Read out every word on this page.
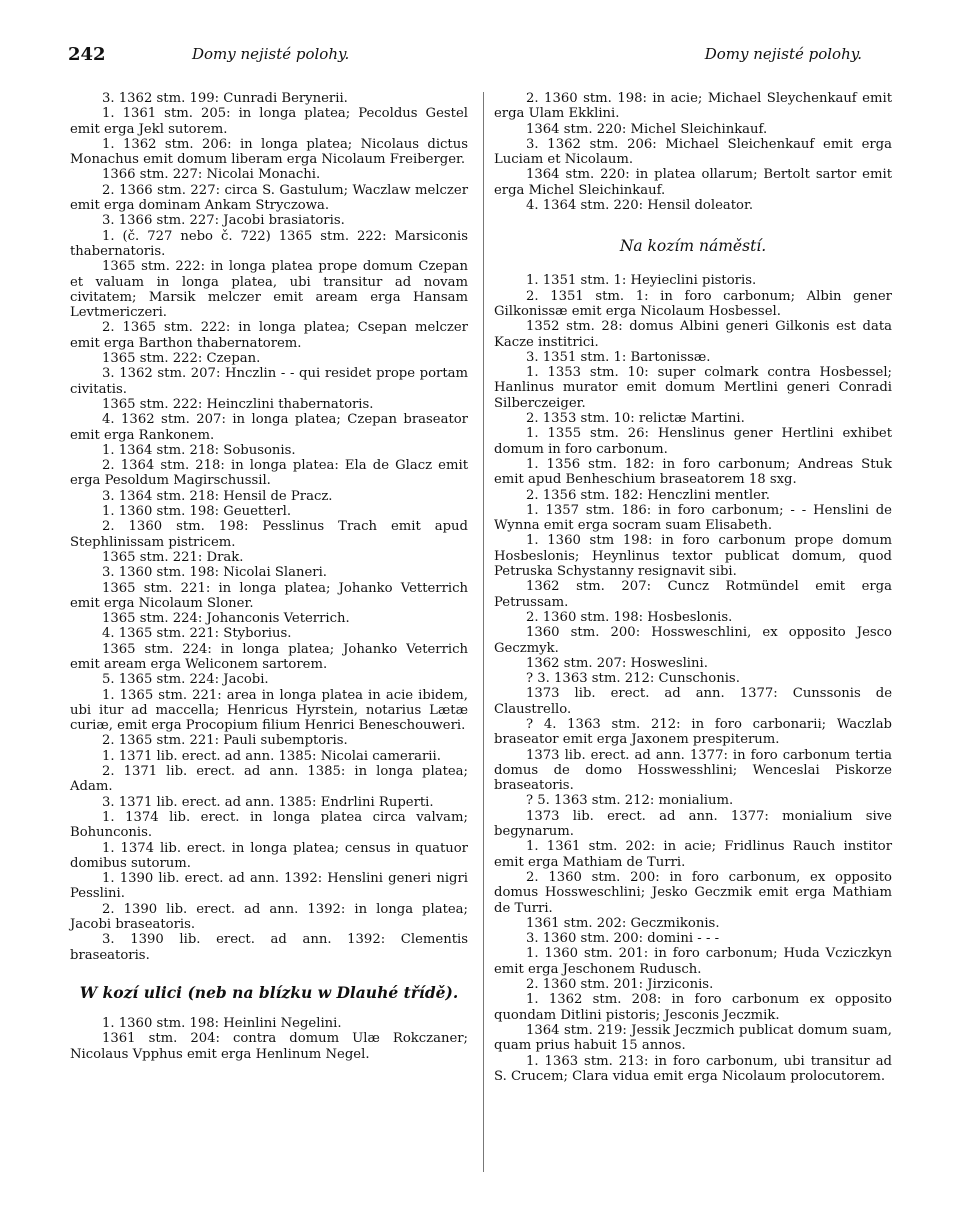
242	Domy nejisté polohy.	Domy nejisté polohy.

3. 1362 stm. 199: Cunradi Berynerii.

1. 1361 stm. 205: in longa platea; Pecoldus Gestel emit erga Jekl sutorem.

1. 1362 stm. 206: in longa platea; Nicolaus dictus Monachus emit domum liberam erga Nicolaum Freiberger.

1366 stm. 227: Nicolai Monachi.

2. 1366 stm. 227: circa S. Gastulum; Waczlaw melczer emit erga dominam Ankam Stryczowa.

3. 1366 stm. 227: Jacobi brasiatoris.

1. (č. 727 nebo č. 722) 1365 stm. 222: Marsiconis thabernatoris.

1365 stm. 222: in longa platea prope domum Czepan et valuam in longa platea, ubi transitur ad novam civitatem; Marsik melczer emit aream erga Hansam Levtmericzeri.

2. 1365 stm. 222: in longa platea; Csepan melczer emit erga Barthon thabernatorem.

1365 stm. 222: Czepan.

3. 1362 stm. 207: Hnczlin - - qui residet prope portam civitatis.

1365 stm. 222: Heinczlini thabernatoris.

4. 1362 stm. 207: in longa platea; Czepan braseator emit erga Rankonem.

1. 1364 stm. 218: Sobusonis.

2. 1364 stm. 218: in longa platea: Ela de Glacz emit erga Pesoldum Magirschussil.

3. 1364 stm. 218: Hensil de Pracz.

1. 1360 stm. 198: Geuetterl.

2. 1360 stm. 198: Pesslinus Trach emit apud Stephlinissam pistricem.

1365 stm. 221: Drak.

3. 1360 stm. 198: Nicolai Slaneri.

1365 stm. 221: in longa platea; Johanko Vetterrich emit erga Nicolaum Sloner.

1365 stm. 224: Johanconis Veterrich.

4. 1365 stm. 221: Styborius.

1365 stm. 224: in longa platea; Johanko Veterrich emit aream erga Weliconem sartorem.

5. 1365 stm. 224: Jacobi.

1. 1365 stm. 221: area in longa platea in acie ibidem, ubi itur ad maccella; Henricus Hyrstein, notarius Lætæ curiæ, emit erga Procopium filium Henrici Beneschouweri.

2. 1365 stm. 221: Pauli subemptoris.

1. 1371 lib. erect. ad ann. 1385: Nicolai camerarii.

2. 1371 lib. erect. ad ann. 1385: in longa platea; Adam.

3. 1371 lib. erect. ad ann. 1385: Endrlini Ruperti.

1. 1374 lib. erect. in longa platea circa valvam; Bohunconis.

1. 1374 lib. erect. in longa platea; census in quatuor domibus sutorum.

1. 1390 lib. erect. ad ann. 1392: Henslini generi nigri Pesslini.

2. 1390 lib. erect. ad ann. 1392: in longa platea; Jacobi braseatoris.

3. 1390 lib. erect. ad ann. 1392: Clementis braseatoris.

W kozí ulici (neb na blízku w Dlauhé třídě).

1. 1360 stm. 198: Heinlini Negelini.

1361 stm. 204: contra domum Ulæ Rokczaner; Nicolaus Vpphus emit erga Henlinum Negel.

2. 1360 stm. 198: in acie; Michael Sleychenkauf emit erga Ulam Ekklini.

1364 stm. 220: Michel Sleichinkauf.

3. 1362 stm. 206: Michael Sleichenkauf emit erga Luciam et Nicolaum.

1364 stm. 220: in platea ollarum; Bertolt sartor emit erga Michel Sleichinkauf.

4. 1364 stm. 220: Hensil doleator.

Na kozím náměstí.

1. 1351 stm. 1: Heyieclini pistoris.

2. 1351 stm. 1: in foro carbonum; Albin gener Gilkonissæ emit erga Nicolaum Hosbessel.

1352 stm. 28: domus Albini generi Gilkonis est data Kacze institrici.

3. 1351 stm. 1: Bartonissæ.

1. 1353 stm. 10: super colmark contra Hosbessel; Hanlinus murator emit domum Mertlini generi Conradi Silberczeiger.

2. 1353 stm. 10: relictæ Martini.

1. 1355 stm. 26: Henslinus gener Hertlini exhibet domum in foro carbonum.

1. 1356 stm. 182: in foro carbonum; Andreas Stuk emit apud Benheschium braseatorem 18 sxg.

2. 1356 stm. 182: Henczlini mentler.

1. 1357 stm. 186: in foro carbonum; - - Henslini de Wynna emit erga socram suam Elisabeth.

1. 1360 stm 198: in foro carbonum prope domum Hosbeslonis; Heynlinus textor publicat domum, quod Petruska Schystanny resignavit sibi.

1362 stm. 207: Cuncz Rotmündel emit erga Petrussam.

2. 1360 stm. 198: Hosbeslonis.

1360 stm. 200: Hossweschlini, ex opposito Jesco Geczmyk.

1362 stm. 207: Hosweslini.

? 3. 1363 stm. 212: Cunschonis.

1373 lib. erect. ad ann. 1377: Cunssonis de Claustrello.

? 4. 1363 stm. 212: in foro carbonarii; Waczlab braseator emit erga Jaxonem prespiterum.

1373 lib. erect. ad ann. 1377: in foro carbonum tertia domus de domo Hosswesshlini; Wenceslai Piskorze braseatoris.

? 5. 1363 stm. 212: monialium.

1373 lib. erect. ad ann. 1377: monialium sive begynarum.

1. 1361 stm. 202: in acie; Fridlinus Rauch institor emit erga Mathiam de Turri.

2. 1360 stm. 200: in foro carbonum, ex opposito domus Hossweschlini; Jesko Geczmik emit erga Mathiam de Turri.

1361 stm. 202: Geczmikonis.

3. 1360 stm. 200: domini - - -

1. 1360 stm. 201: in foro carbonum; Huda Vcziczkyn emit erga Jeschonem Rudusch.

2. 1360 stm. 201: Jirziconis.

1. 1362 stm. 208: in foro carbonum ex opposito quondam Ditlini pistoris; Jesconis Jeczmik.

1364 stm. 219: Jessik Jeczmich publicat domum suam, quam prius habuit 15 annos.

1. 1363 stm. 213: in foro carbonum, ubi transitur ad S. Crucem; Clara vidua emit erga Nicolaum prolocutorem.
